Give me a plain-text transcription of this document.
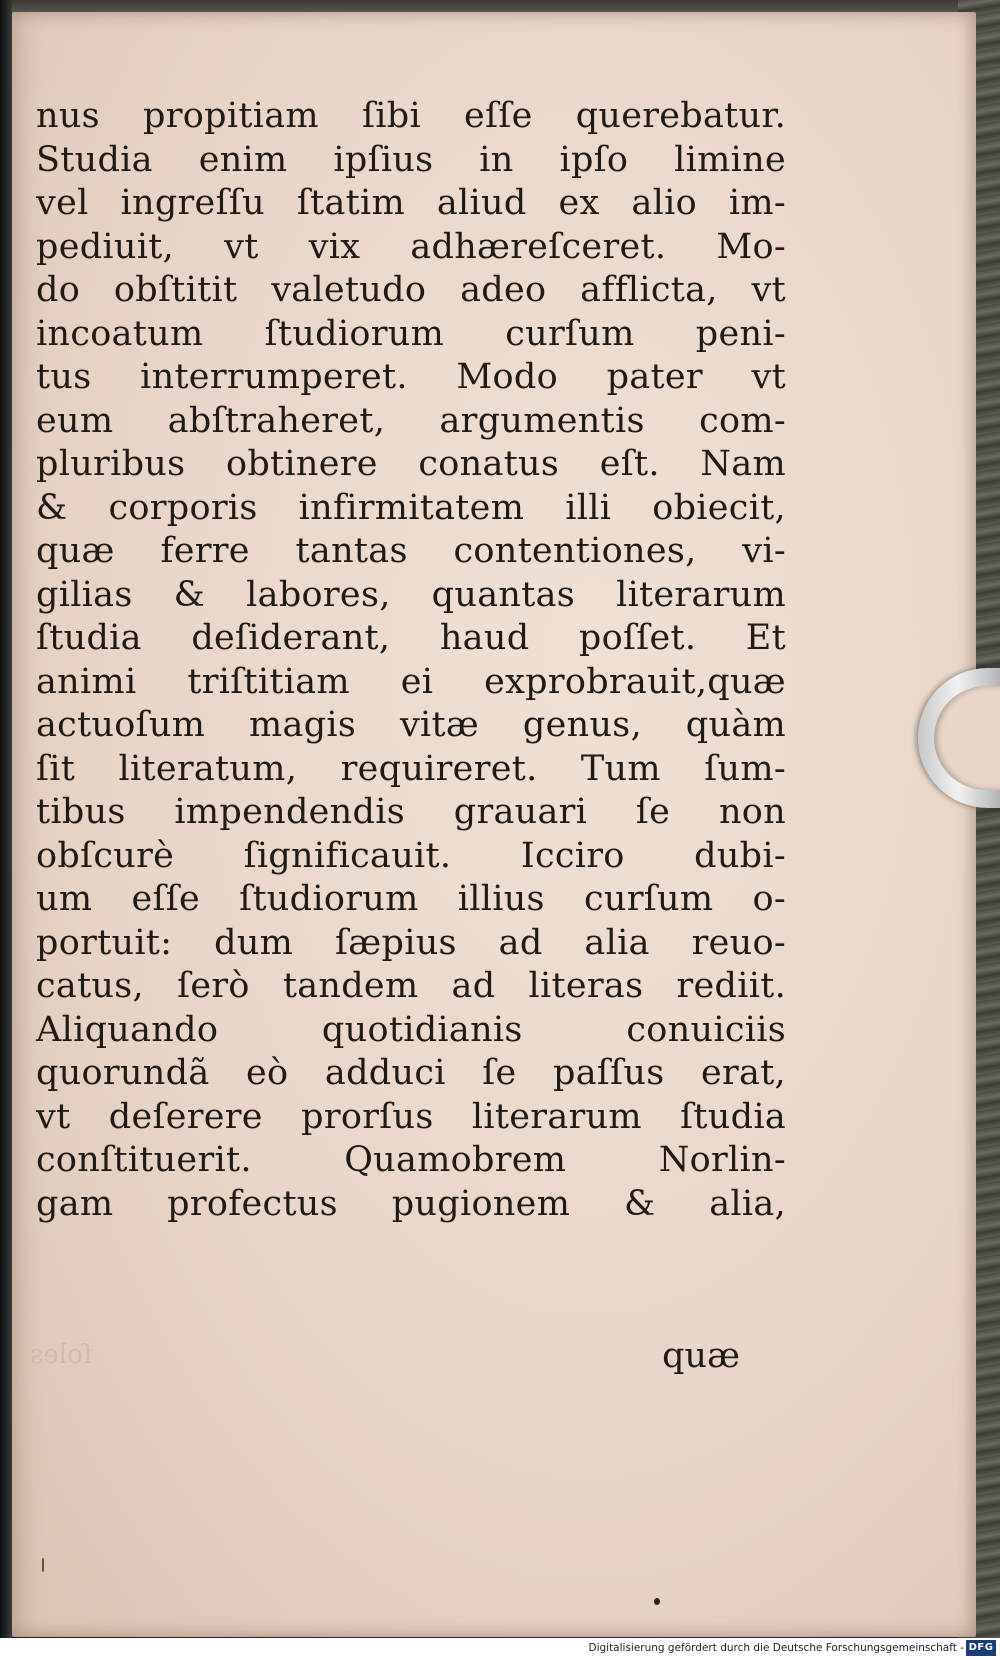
ſoles
nus propitiam ſibi eſſe querebatur.
Studia enim ipſius in ipſo limine
vel ingreſſu ſtatim aliud ex alio im-
pediuit, vt vix adhæreſceret. Mo-
do obſtitit valetudo adeo afflicta, vt
incoatum ſtudiorum curſum peni-
tus interrumperet. Modo pater vt
eum abſtraheret, argumentis com-
pluribus obtinere conatus eſt. Nam
& corporis infirmitatem illi obiecit,
quæ ferre tantas contentiones, vi-
gilias & labores, quantas literarum
ſtudia deſiderant, haud poſſet. Et
animi triſtitiam ei exprobrauit,quæ
actuoſum magis vitæ genus, quàm
ſit literatum, requireret. Tum ſum-
tibus impendendis grauari ſe non
obſcurè ſignificauit. Icciro dubi-
um eſſe ſtudiorum illius curſum o-
portuit: dum ſæpius ad alia reuo-
catus, ſerò tandem ad literas rediit.
Aliquando quotidianis conuiciis
quorundã eò adduci ſe paſſus erat,
vt deſerere prorſus literarum ſtudia
conſtituerit. Quamobrem Norlin-
gam profectus pugionem & alia,
quæ
Digitalisierung gefördert durch die Deutsche Forschungsgemeinschaft - DFG
